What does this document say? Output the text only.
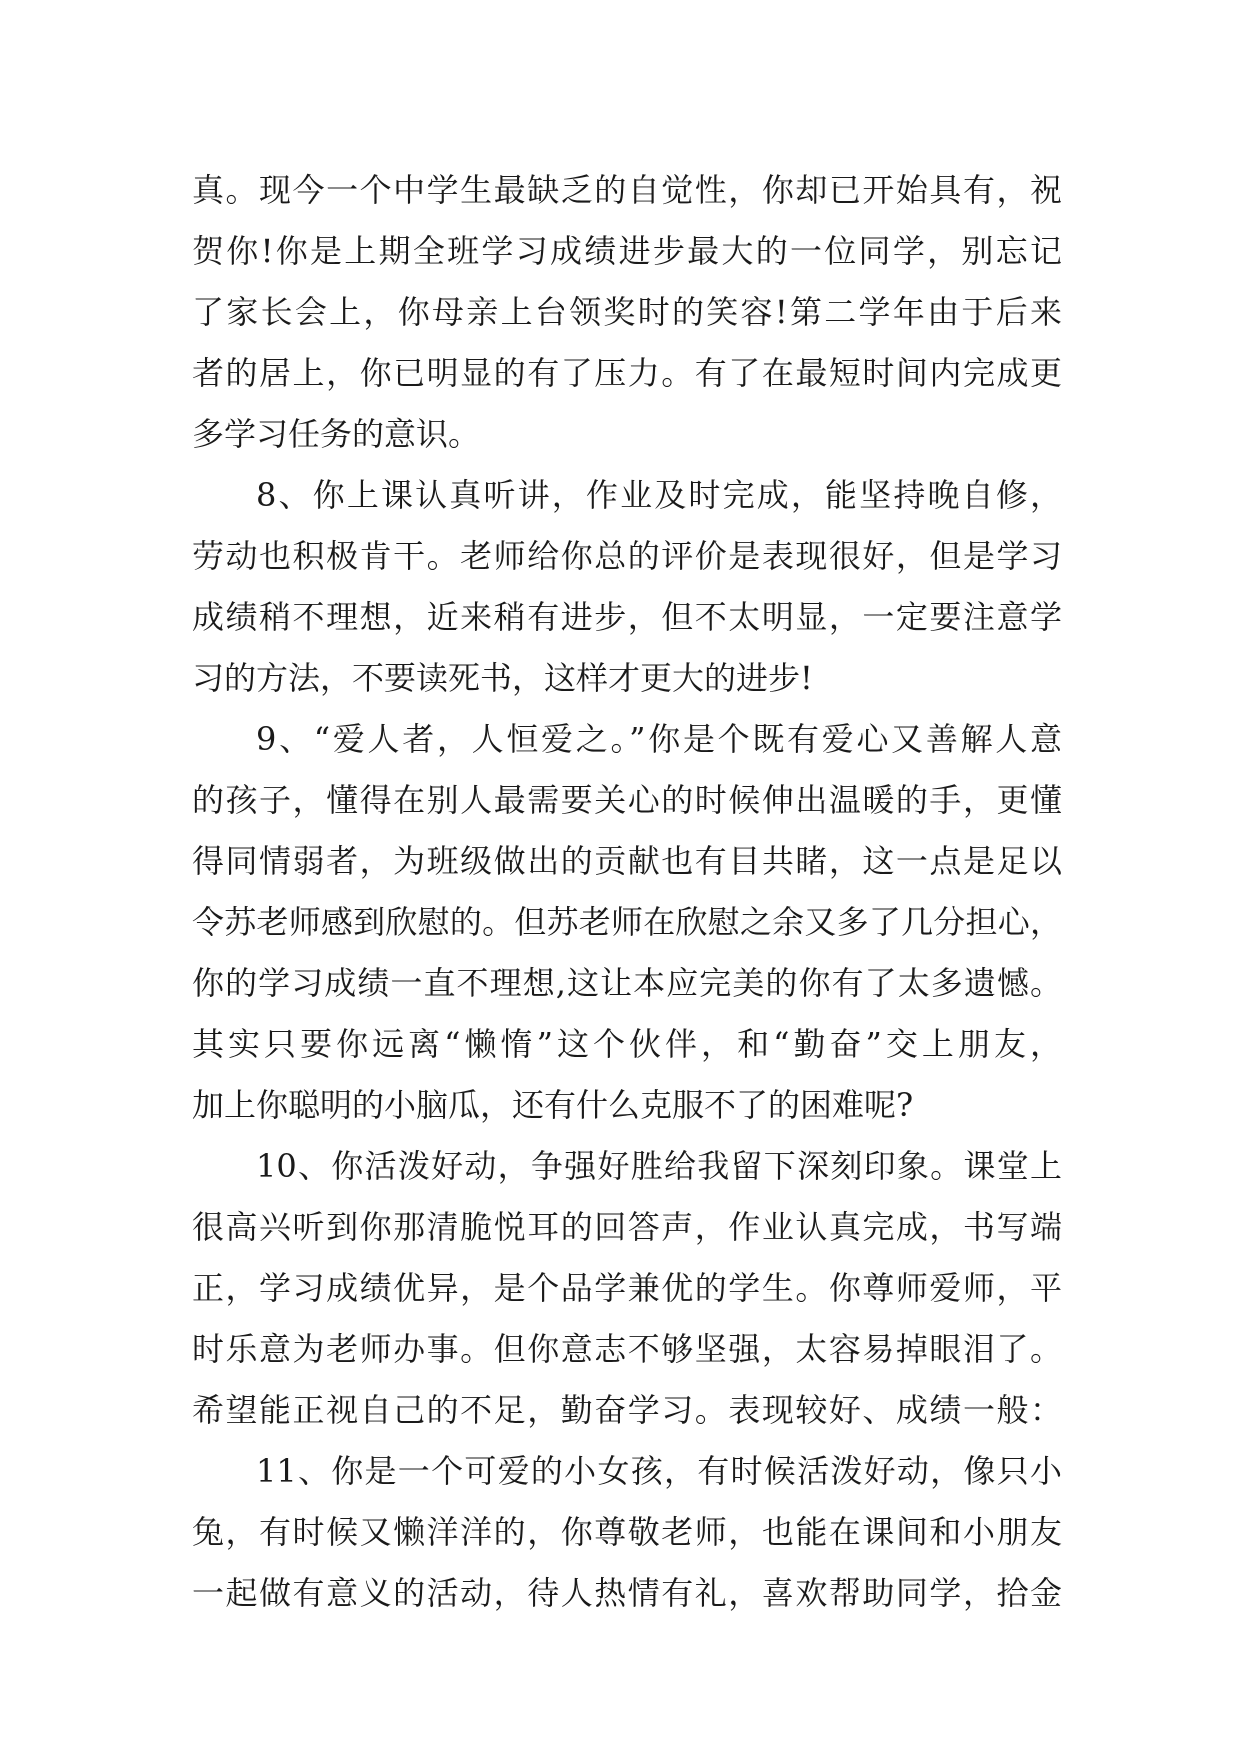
真。现今一个中学生最缺乏的自觉性，你却已开始具有，祝
贺你!你是上期全班学习成绩进步最大的一位同学，别忘记
了家长会上，你母亲上台领奖时的笑容!第二学年由于后来
者的居上，你已明显的有了压力。有了在最短时间内完成更
多学习任务的意识。
8、你上课认真听讲，作业及时完成，能坚持晚自修，
劳动也积极肯干。老师给你总的评价是表现很好，但是学习
成绩稍不理想，近来稍有进步，但不太明显，一定要注意学
习的方法，不要读死书，这样才更大的进步!
9、“爱人者，人恒爱之。”你是个既有爱心又善解人意
的孩子，懂得在别人最需要关心的时候伸出温暖的手，更懂
得同情弱者，为班级做出的贡献也有目共睹，这一点是足以
令苏老师感到欣慰的。但苏老师在欣慰之余又多了几分担心，
你的学习成绩一直不理想,这让本应完美的你有了太多遗憾。
其实只要你远离“懒惰”这个伙伴，和“勤奋”交上朋友，
加上你聪明的小脑瓜，还有什么克服不了的困难呢?
10、你活泼好动，争强好胜给我留下深刻印象。课堂上
很高兴听到你那清脆悦耳的回答声，作业认真完成，书写端
正，学习成绩优异，是个品学兼优的学生。你尊师爱师，平
时乐意为老师办事。但你意志不够坚强，太容易掉眼泪了。
希望能正视自己的不足，勤奋学习。表现较好、成绩一般：
11、你是一个可爱的小女孩，有时候活泼好动，像只小
兔，有时候又懒洋洋的，你尊敬老师，也能在课间和小朋友
一起做有意义的活动，待人热情有礼，喜欢帮助同学，拾金
